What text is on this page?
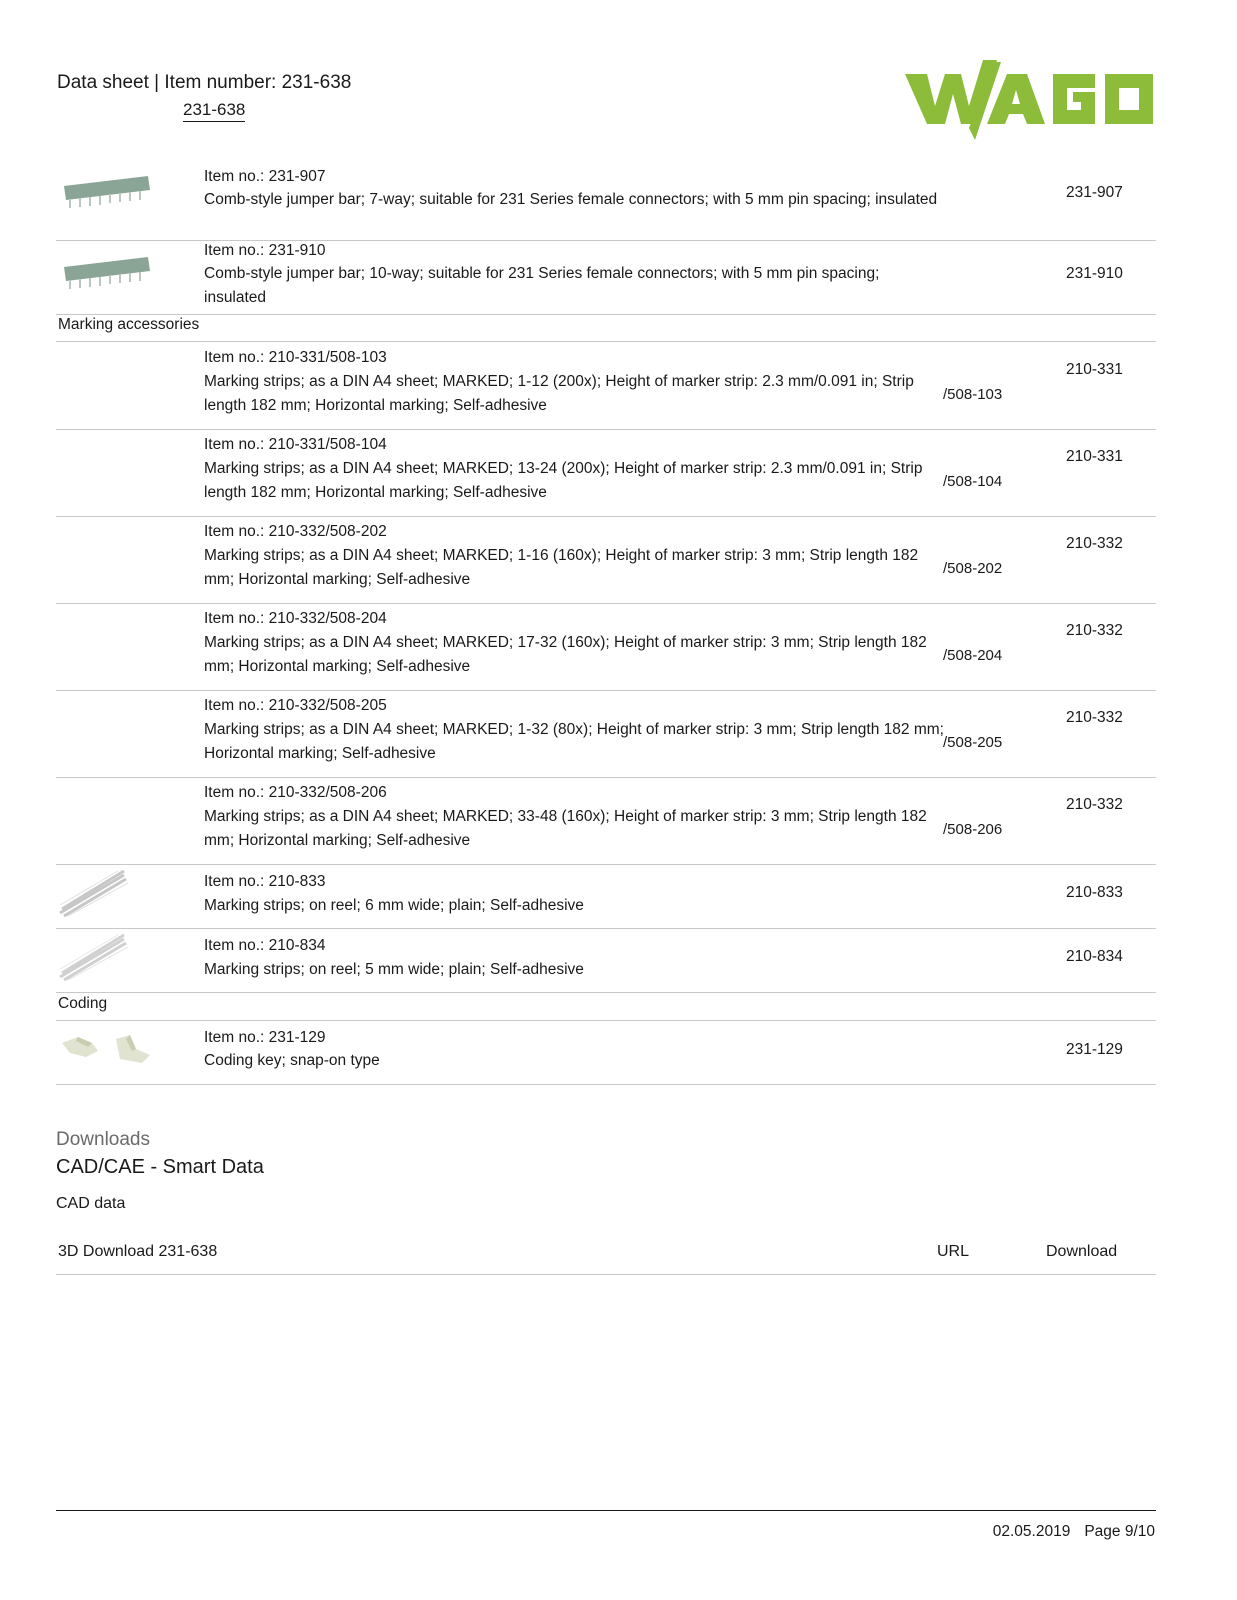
Data sheet | Item number: 231-638
231-638
WAGO
Item no.: 231-907
Comb-style jumper bar; 7-way; suitable for 231 Series female connectors; with 5 mm pin spacing; insulated	231-907
Item no.: 231-910
Comb-style jumper bar; 10-way; suitable for 231 Series female connectors; with 5 mm pin spacing; insulated
231-910
Marking accessories
Item no.: 210-331/508-103
Marking strips; as a DIN A4 sheet; MARKED; 1-12 (200x); Height of marker strip: 2.3 mm/0.091 in; Strip length 182 mm; Horizontal marking; Self-adhesive
/508-103
210-331
Item no.: 210-331/508-104
Marking strips; as a DIN A4 sheet; MARKED; 13-24 (200x); Height of marker strip: 2.3 mm/0.091 in; Strip length 182 mm; Horizontal marking; Self-adhesive
/508-104
210-331
Item no.: 210-332/508-202
Marking strips; as a DIN A4 sheet; MARKED; 1-16 (160x); Height of marker strip: 3 mm; Strip length 182 mm; Horizontal marking; Self-adhesive
/508-202
210-332
Item no.: 210-332/508-204
Marking strips; as a DIN A4 sheet; MARKED; 17-32 (160x); Height of marker strip: 3 mm; Strip length 182 mm; Horizontal marking; Self-adhesive
/508-204
210-332
Item no.: 210-332/508-205
Marking strips; as a DIN A4 sheet; MARKED; 1-32 (80x); Height of marker strip: 3 mm; Strip length 182 mm; Horizontal marking; Self-adhesive
/508-205
210-332
Item no.: 210-332/508-206
Marking strips; as a DIN A4 sheet; MARKED; 33-48 (160x); Height of marker strip: 3 mm; Strip length 182 mm; Horizontal marking; Self-adhesive
/508-206
210-332
Item no.: 210-833
Marking strips; on reel; 6 mm wide; plain; Self-adhesive
210-833
Item no.: 210-834
Marking strips; on reel; 5 mm wide; plain; Self-adhesive
210-834
Coding
Item no.: 231-129
Coding key; snap-on type
231-129
Downloads
CAD/CAE - Smart Data
CAD data
3D Download 231-638	URL	Download
02.05.2019 Page 9/10
